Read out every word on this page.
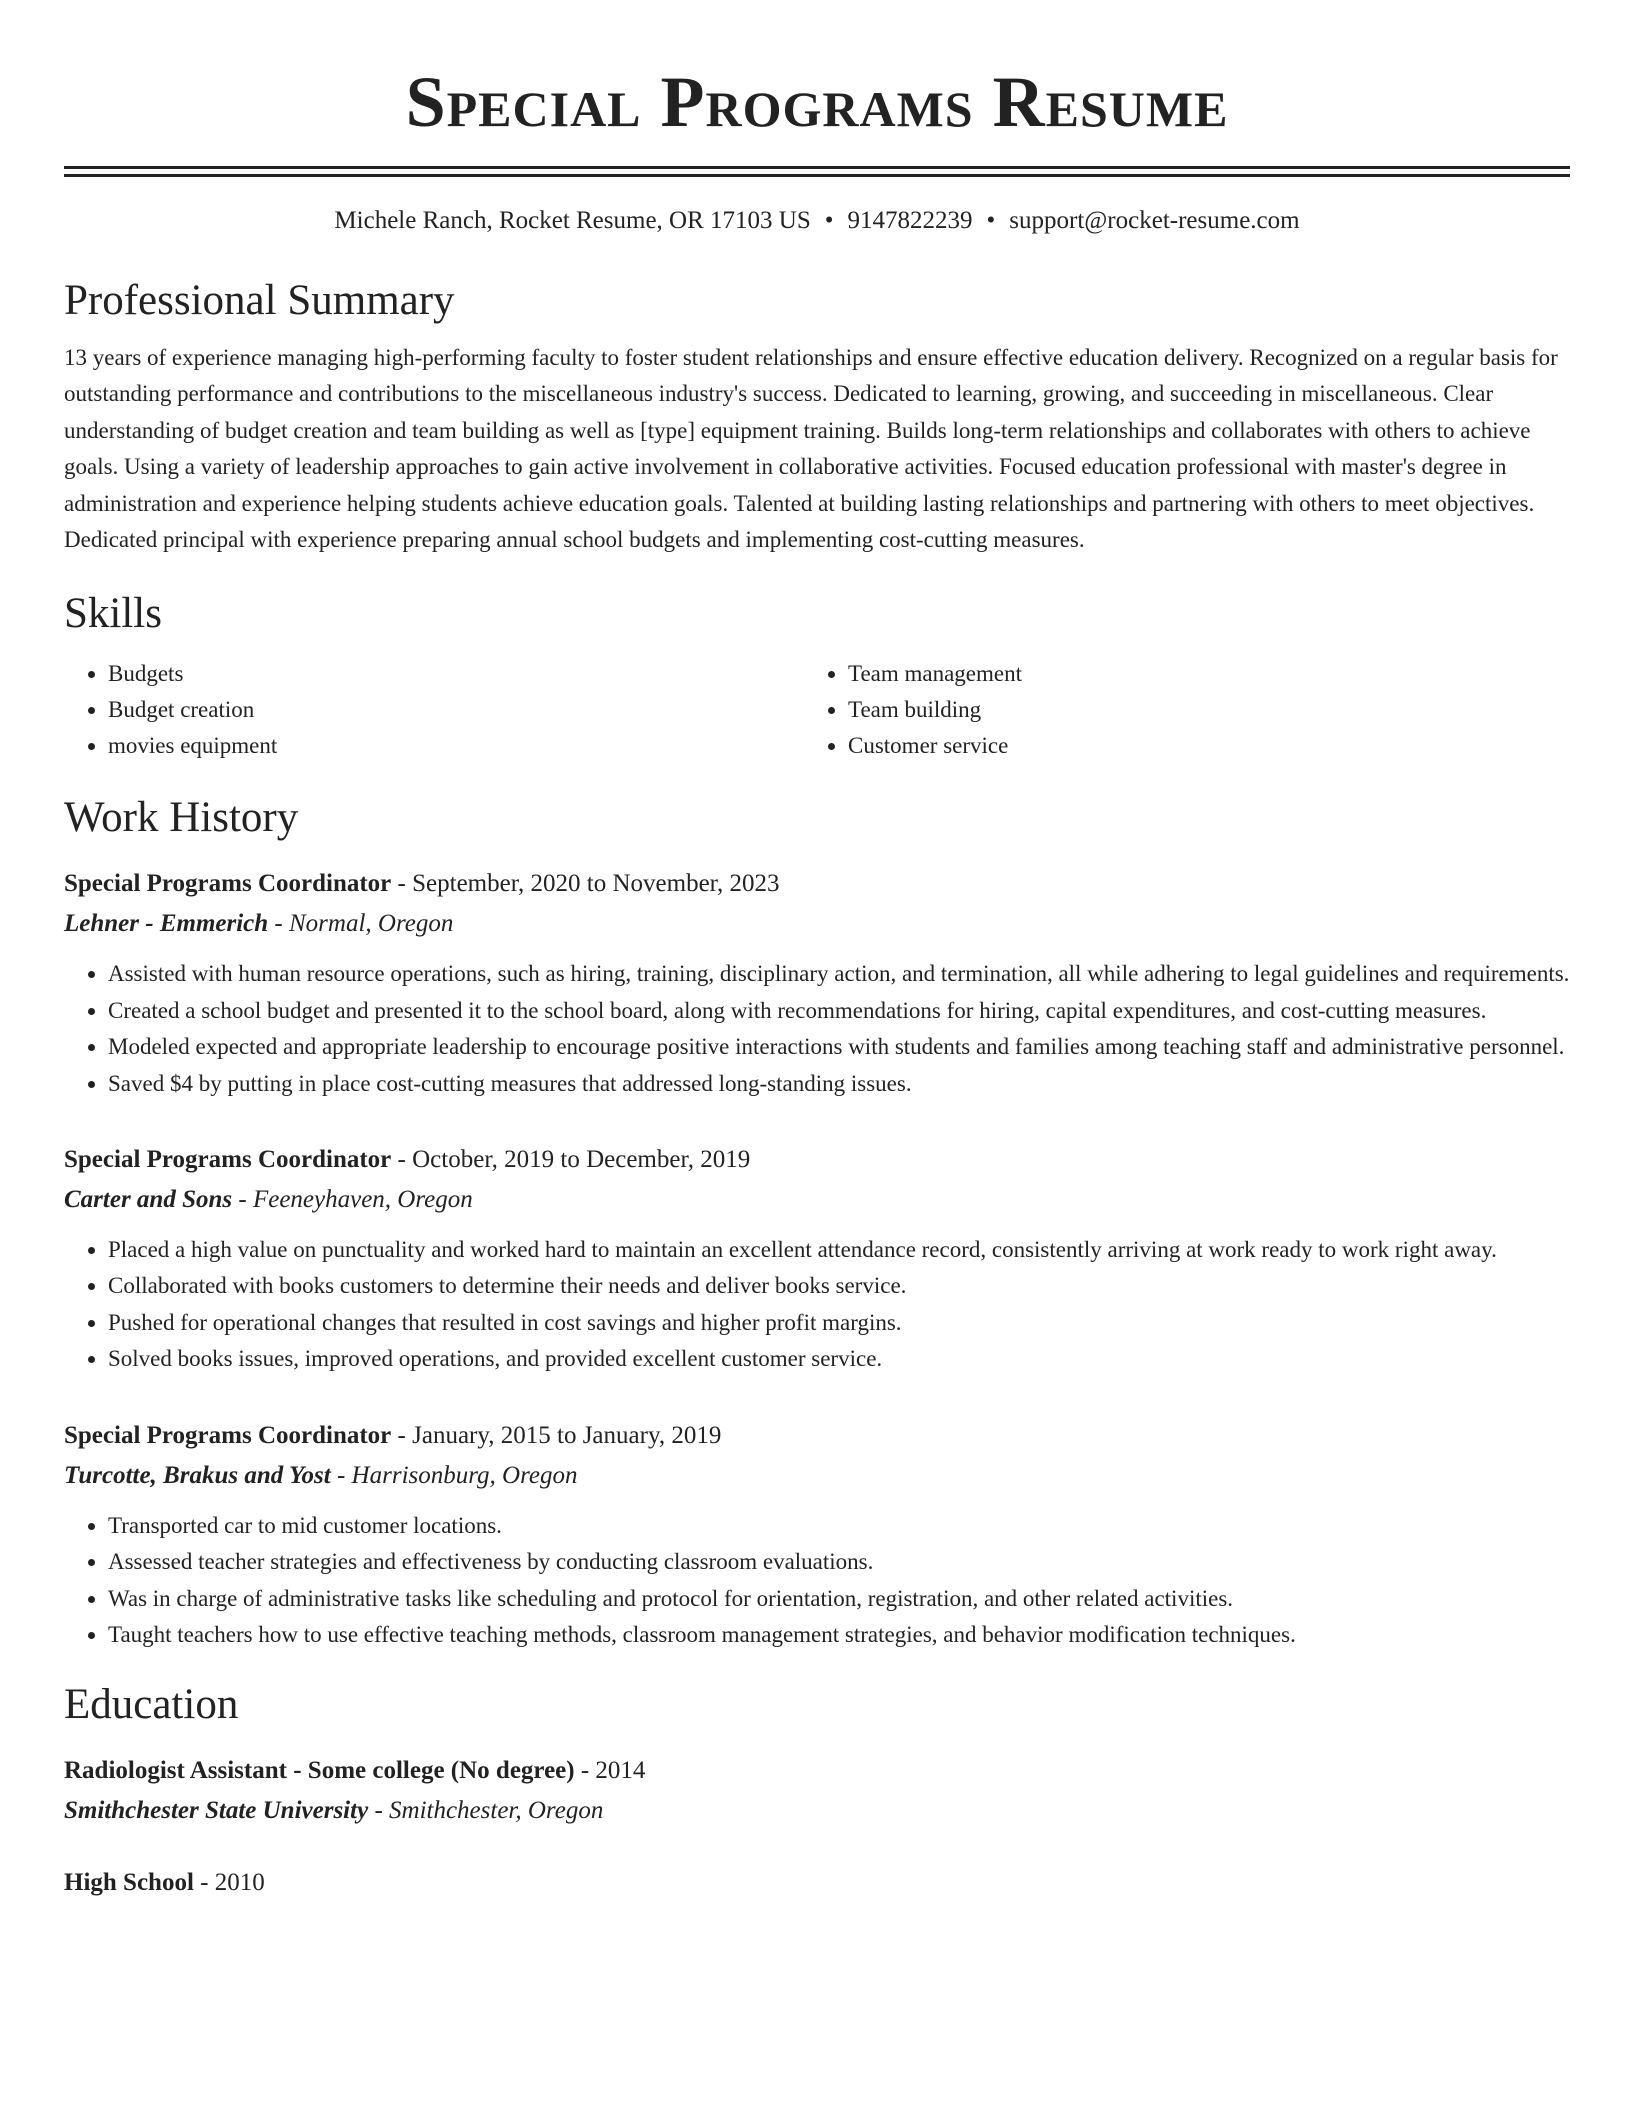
Special Programs Resume
Michele Ranch, Rocket Resume, OR 17103 US • 9147822239 • support@rocket-resume.com
Professional Summary

13 years of experience managing high-performing faculty to foster student relationships and ensure effective education delivery. Recognized on a regular basis for outstanding performance and contributions to the miscellaneous industry's success. Dedicated to learning, growing, and succeeding in miscellaneous. Clear understanding of budget creation and team building as well as [type] equipment training. Builds long-term relationships and collaborates with others to achieve goals. Using a variety of leadership approaches to gain active involvement in collaborative activities. Focused education professional with master's degree in administration and experience helping students achieve education goals. Talented at building lasting relationships and partnering with others to meet objectives. Dedicated principal with experience preparing annual school budgets and implementing cost-cutting measures.

Skills
• Budgets
• Budget creation
• movies equipment
• Team management
• Team building
• Customer service
Work History
Special Programs Coordinator - September, 2020 to November, 2023
Lehner - Emmerich - Normal, Oregon
• Assisted with human resource operations, such as hiring, training, disciplinary action, and termination, all while adhering to legal guidelines and requirements.
• Created a school budget and presented it to the school board, along with recommendations for hiring, capital expenditures, and cost-cutting measures.
• Modeled expected and appropriate leadership to encourage positive interactions with students and families among teaching staff and administrative personnel.
• Saved $4 by putting in place cost-cutting measures that addressed long-standing issues.
Special Programs Coordinator - October, 2019 to December, 2019
Carter and Sons - Feeneyhaven, Oregon
• Placed a high value on punctuality and worked hard to maintain an excellent attendance record, consistently arriving at work ready to work right away.
• Collaborated with books customers to determine their needs and deliver books service.
• Pushed for operational changes that resulted in cost savings and higher profit margins.
• Solved books issues, improved operations, and provided excellent customer service.
Special Programs Coordinator - January, 2015 to January, 2019
Turcotte, Brakus and Yost - Harrisonburg, Oregon
• Transported car to mid customer locations.
• Assessed teacher strategies and effectiveness by conducting classroom evaluations.
• Was in charge of administrative tasks like scheduling and protocol for orientation, registration, and other related activities.
• Taught teachers how to use effective teaching methods, classroom management strategies, and behavior modification techniques.
Education
Radiologist Assistant - Some college (No degree) - 2014
Smithchester State University - Smithchester, Oregon
High School - 2010
